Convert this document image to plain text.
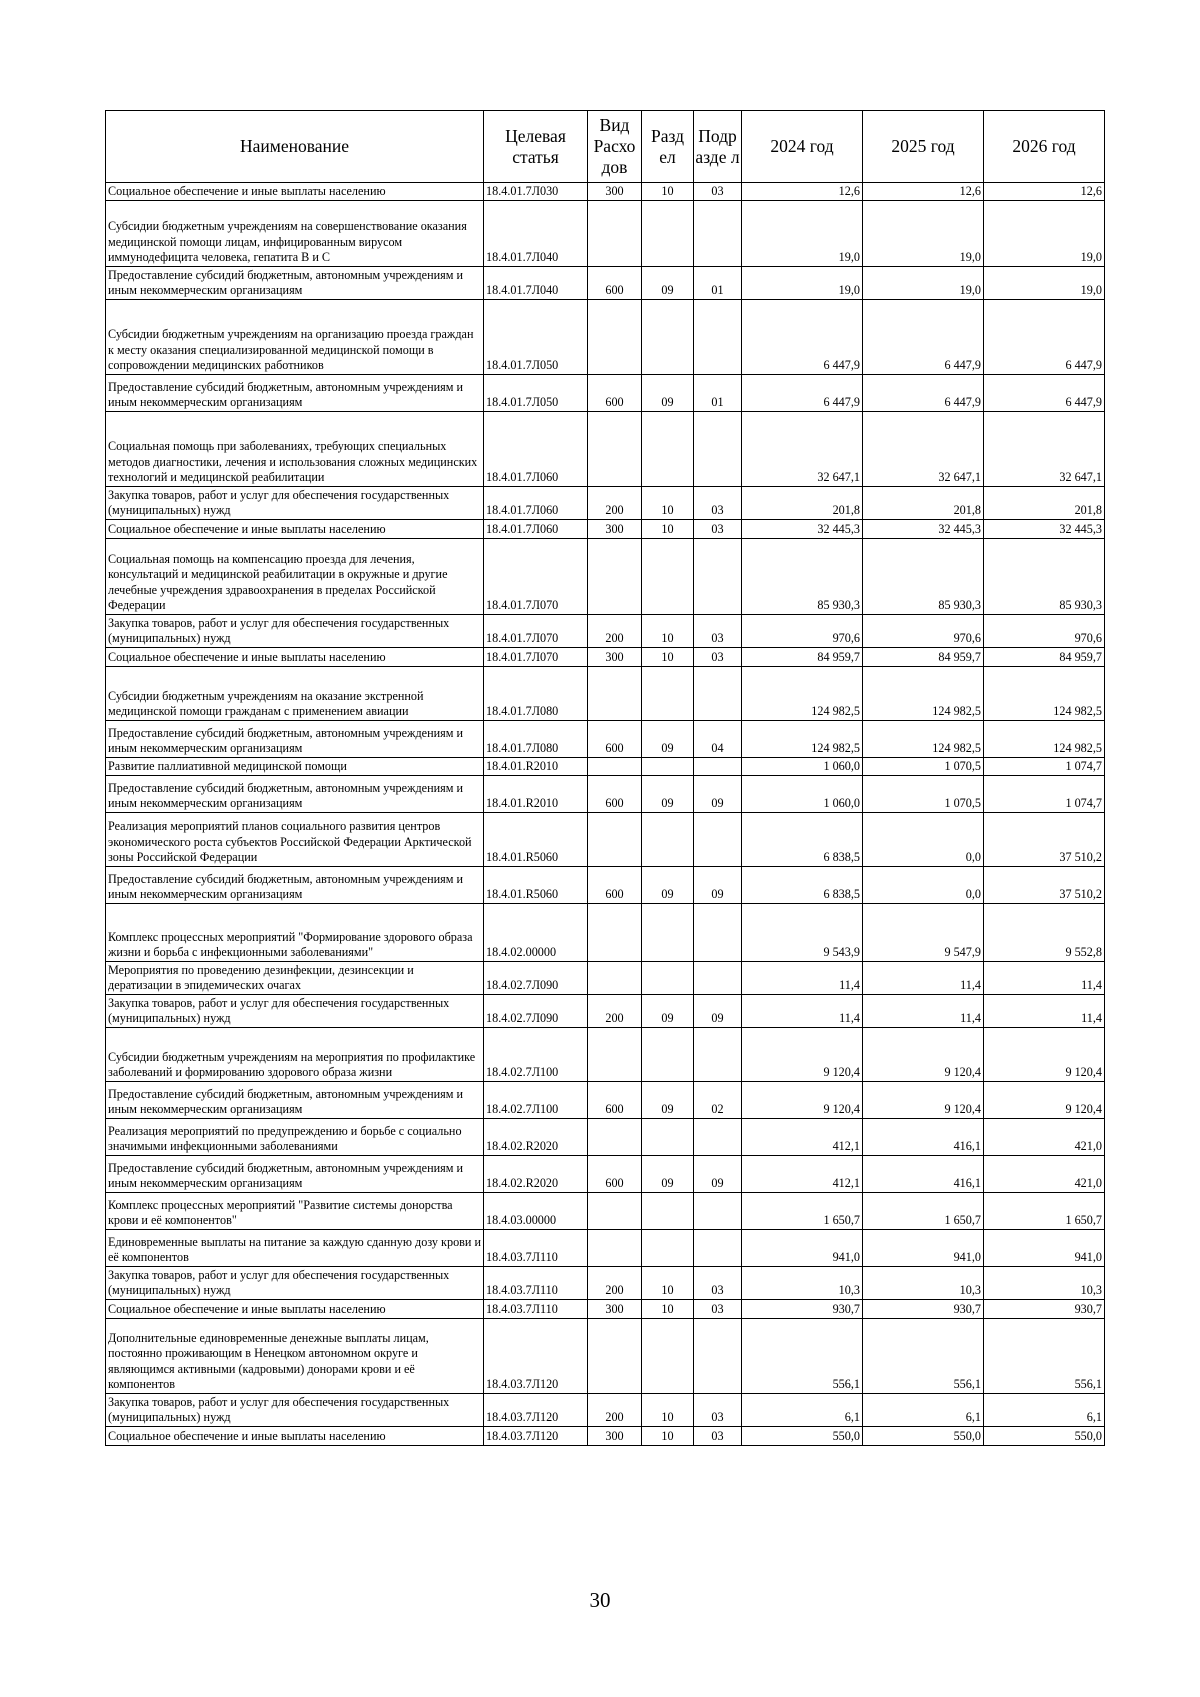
Наименование	Целевая статья	Вид Расхо дов	Разд ел	Подр азде л	2024 год	2025 год	2026 год
Социальное обеспечение и иные выплаты населению	18.4.01.7Л030	300	10	03	12,6	12,6	12,6
Субсидии бюджетным учреждениям на совершенствование оказания медицинской помощи лицам, инфицированным вирусом иммунодефицита человека, гепатита B и C	18.4.01.7Л040				19,0	19,0	19,0
Предоставление субсидий бюджетным, автономным учреждениям и иным некоммерческим организациям	18.4.01.7Л040	600	09	01	19,0	19,0	19,0
Субсидии бюджетным учреждениям на организацию проезда граждан к месту оказания специализированной медицинской помощи в сопровождении медицинских работников	18.4.01.7Л050				6 447,9	6 447,9	6 447,9
Предоставление субсидий бюджетным, автономным учреждениям и иным некоммерческим организациям	18.4.01.7Л050	600	09	01	6 447,9	6 447,9	6 447,9
Социальная помощь при заболеваниях, требующих специальных методов диагностики, лечения и использования сложных медицинских технологий и медицинской реабилитации	18.4.01.7Л060				32 647,1	32 647,1	32 647,1
Закупка товаров, работ и услуг для обеспечения государственных (муниципальных) нужд	18.4.01.7Л060	200	10	03	201,8	201,8	201,8
Социальное обеспечение и иные выплаты населению	18.4.01.7Л060	300	10	03	32 445,3	32 445,3	32 445,3
Социальная помощь на компенсацию проезда для лечения, консультаций и медицинской реабилитации в окружные и другие лечебные учреждения здравоохранения в пределах Российской Федерации	18.4.01.7Л070				85 930,3	85 930,3	85 930,3
Закупка товаров, работ и услуг для обеспечения государственных (муниципальных) нужд	18.4.01.7Л070	200	10	03	970,6	970,6	970,6
Социальное обеспечение и иные выплаты населению	18.4.01.7Л070	300	10	03	84 959,7	84 959,7	84 959,7
Субсидии бюджетным учреждениям на оказание экстренной медицинской помощи гражданам с применением авиации	18.4.01.7Л080				124 982,5	124 982,5	124 982,5
Предоставление субсидий бюджетным, автономным учреждениям и иным некоммерческим организациям	18.4.01.7Л080	600	09	04	124 982,5	124 982,5	124 982,5
Развитие паллиативной медицинской помощи	18.4.01.R2010				1 060,0	1 070,5	1 074,7
Предоставление субсидий бюджетным, автономным учреждениям и иным некоммерческим организациям	18.4.01.R2010	600	09	09	1 060,0	1 070,5	1 074,7
Реализация мероприятий планов социального развития центров экономического роста субъектов Российской Федерации Арктической зоны Российской Федерации	18.4.01.R5060				6 838,5	0,0	37 510,2
Предоставление субсидий бюджетным, автономным учреждениям и иным некоммерческим организациям	18.4.01.R5060	600	09	09	6 838,5	0,0	37 510,2
Комплекс процессных мероприятий "Формирование здорового образа жизни и борьба с инфекционными заболеваниями"	18.4.02.00000				9 543,9	9 547,9	9 552,8
Мероприятия по проведению дезинфекции, дезинсекции и дератизации в эпидемических очагах	18.4.02.7Л090				11,4	11,4	11,4
Закупка товаров, работ и услуг для обеспечения государственных (муниципальных) нужд	18.4.02.7Л090	200	09	09	11,4	11,4	11,4
Субсидии бюджетным учреждениям на мероприятия по профилактике заболеваний и формированию здорового образа жизни	18.4.02.7Л100				9 120,4	9 120,4	9 120,4
Предоставление субсидий бюджетным, автономным учреждениям и иным некоммерческим организациям	18.4.02.7Л100	600	09	02	9 120,4	9 120,4	9 120,4
Реализация мероприятий по предупреждению и борьбе с социально значимыми инфекционными заболеваниями	18.4.02.R2020				412,1	416,1	421,0
Предоставление субсидий бюджетным, автономным учреждениям и иным некоммерческим организациям	18.4.02.R2020	600	09	09	412,1	416,1	421,0
Комплекс процессных мероприятий "Развитие системы донорства крови и её компонентов"	18.4.03.00000				1 650,7	1 650,7	1 650,7
Единовременные выплаты на питание за каждую сданную дозу крови и её компонентов	18.4.03.7Л110				941,0	941,0	941,0
Закупка товаров, работ и услуг для обеспечения государственных (муниципальных) нужд	18.4.03.7Л110	200	10	03	10,3	10,3	10,3
Социальное обеспечение и иные выплаты населению	18.4.03.7Л110	300	10	03	930,7	930,7	930,7
Дополнительные единовременные денежные выплаты лицам, постоянно проживающим в Ненецком автономном округе и являющимся активными (кадровыми) донорами крови и её компонентов	18.4.03.7Л120				556,1	556,1	556,1
Закупка товаров, работ и услуг для обеспечения государственных (муниципальных) нужд	18.4.03.7Л120	200	10	03	6,1	6,1	6,1
Социальное обеспечение и иные выплаты населению	18.4.03.7Л120	300	10	03	550,0	550,0	550,0
30
